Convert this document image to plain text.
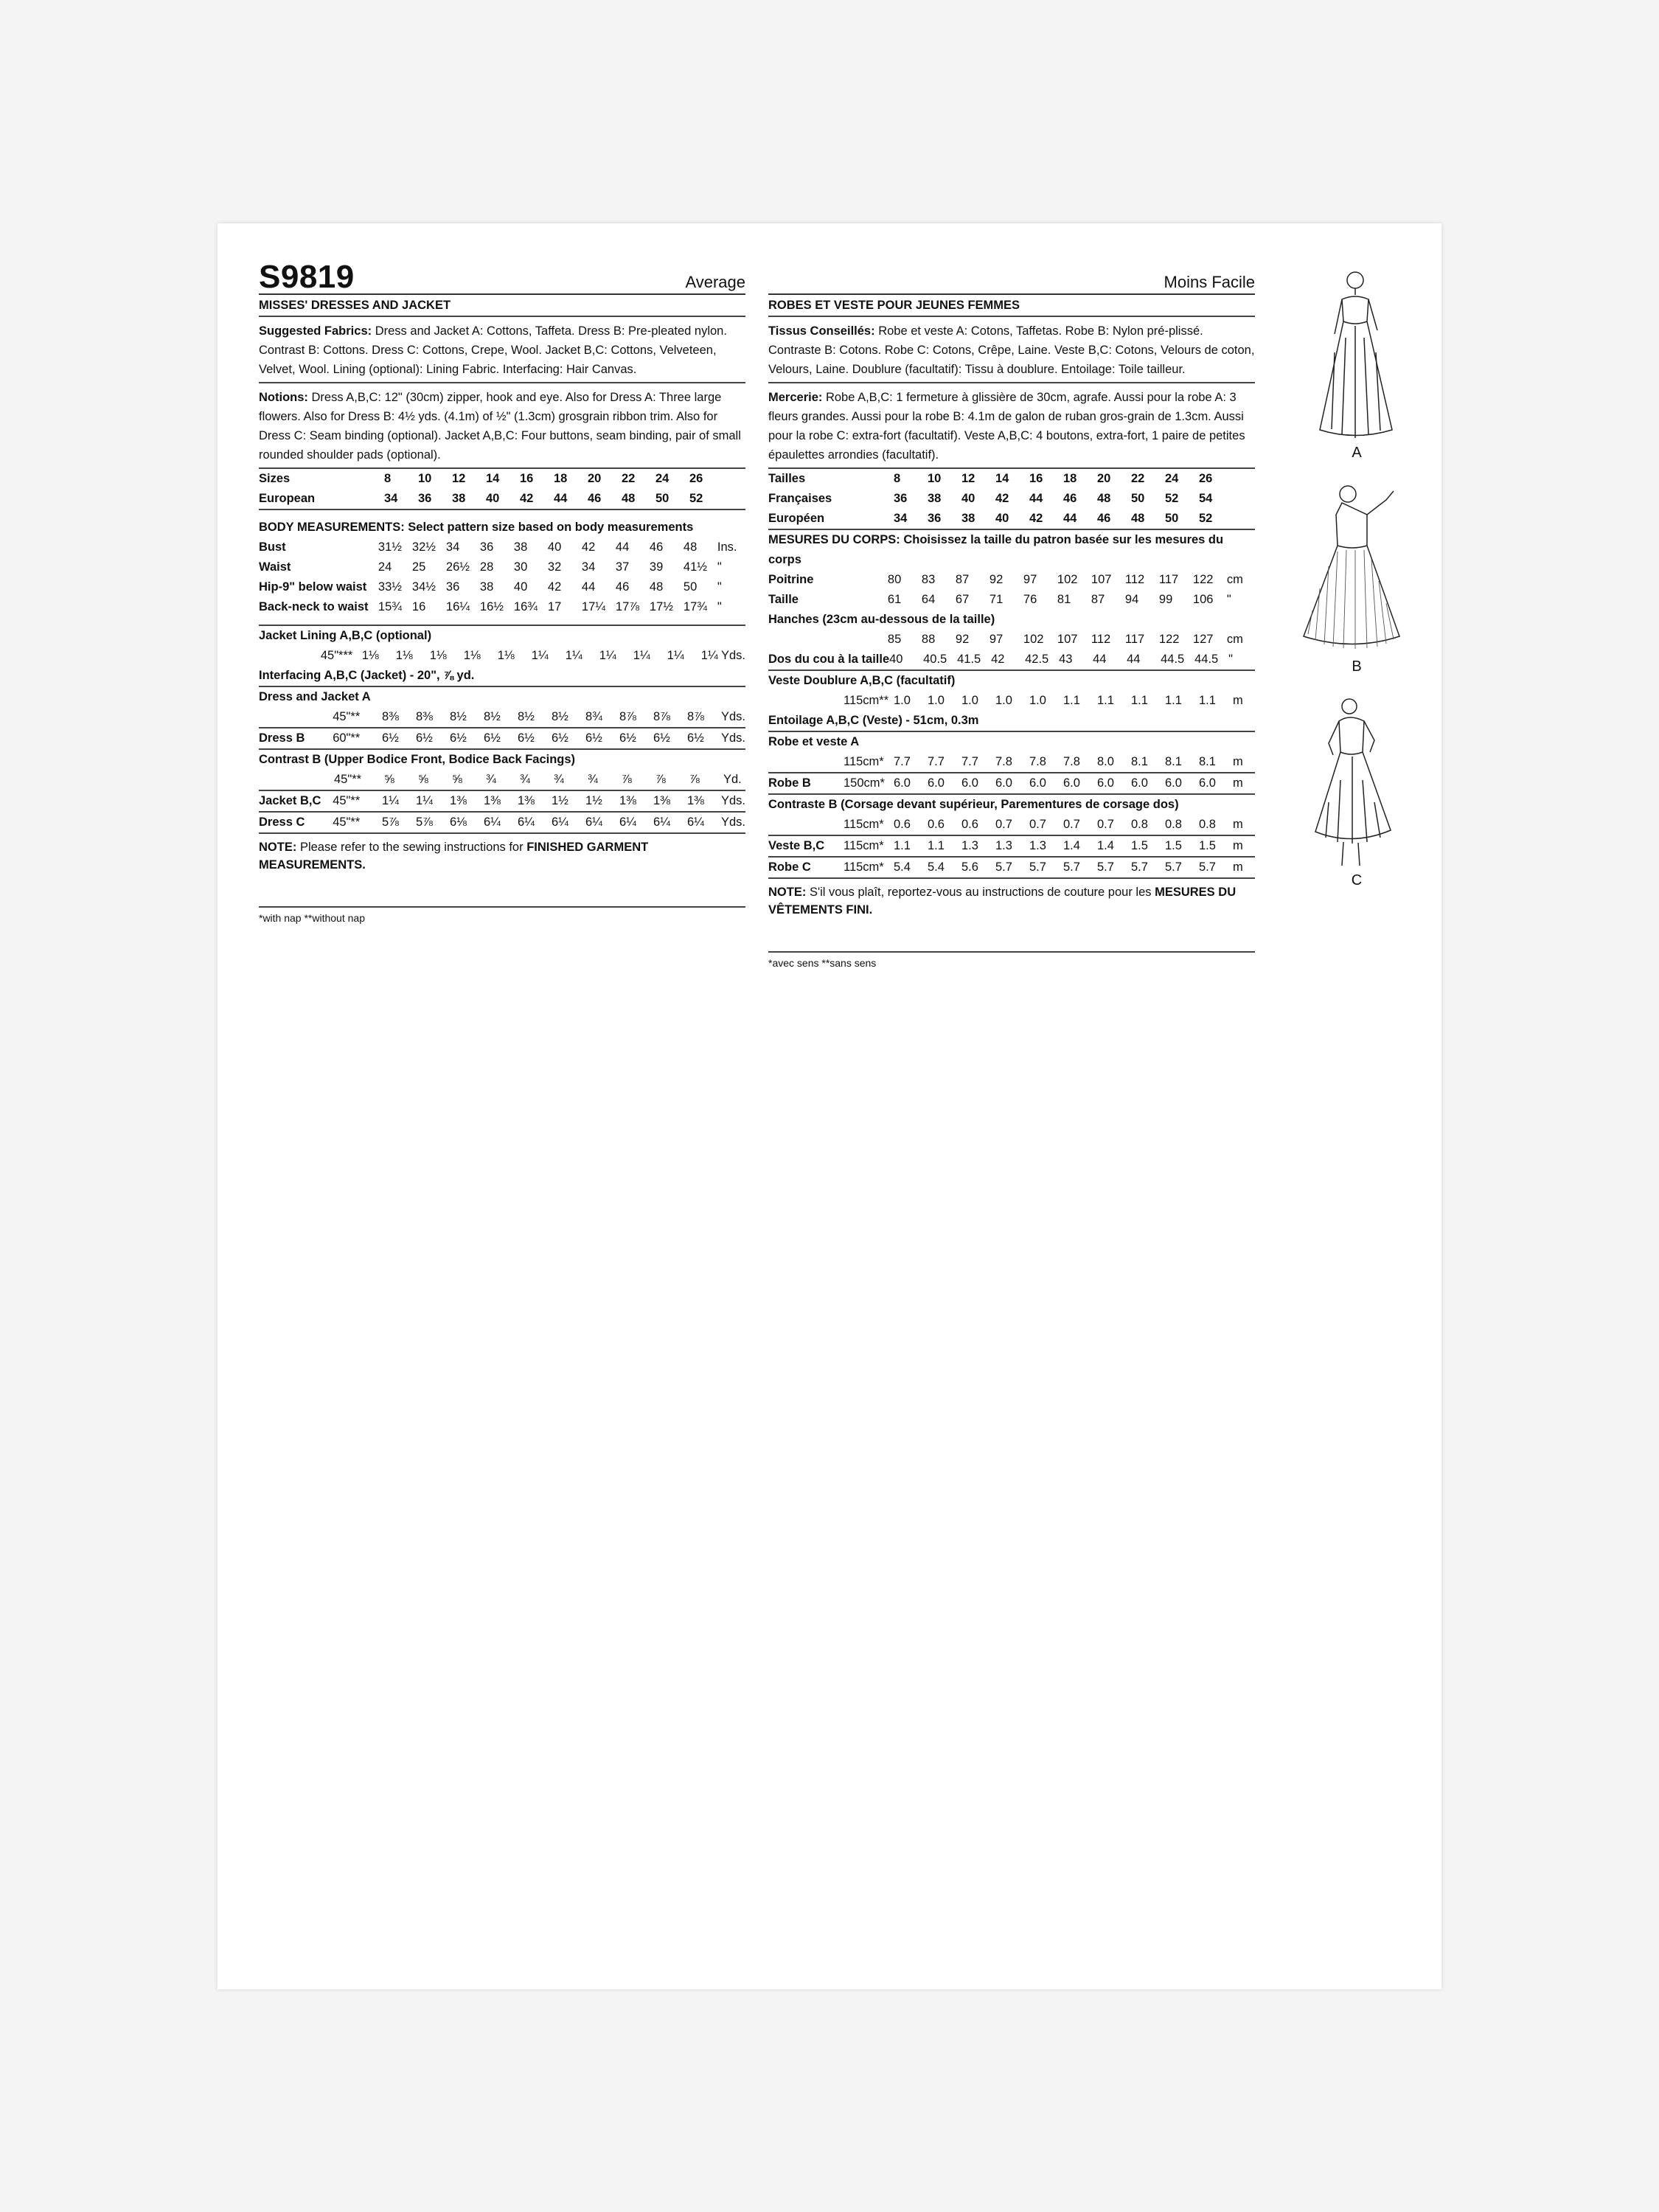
S9819	Average
MISSES' DRESSES AND JACKET
Suggested Fabrics: Dress and Jacket A: Cottons, Taffeta. Dress B: Pre-pleated nylon. Contrast B: Cottons. Dress C: Cottons, Crepe, Wool. Jacket B,C: Cottons, Velveteen, Velvet, Wool. Lining (optional): Lining Fabric. Interfacing: Hair Canvas.
Notions: Dress A,B,C: 12" (30cm) zipper, hook and eye. Also for Dress A: Three large flowers. Also for Dress B: 4½ yds. (4.1m) of ½" (1.3cm) grosgrain ribbon trim. Also for Dress C: Seam binding (optional). Jacket A,B,C: Four buttons, seam binding, pair of small rounded shoulder pads (optional).
Sizes	8	10	12	14	16	18	20	22	24	26
European	34	36	38	40	42	44	46	48	50	52
BODY MEASUREMENTS: Select pattern size based on body measurements
Bust	31½ 32½ 34	36	38	40	42	44	46	48	Ins.
Waist	24	25	26½ 28	30	32	34	37	39	41½ "
Hip-9" below waist 33½ 34½ 36	38	40	42	44	46	48	50	"
Back-neck to waist 15¾ 16	16¼ 16½ 16¾ 17	17¼ 17⅞ 17½ 17¾ "
Jacket Lining A,B,C (optional)
45"*** 1⅛	1⅛	1⅛	1⅛	1⅛	1¼	1¼	1¼	1¼	1¼	1¼ Yds.
Interfacing A,B,C (Jacket) - 20", ⅞ yd.
Dress and Jacket A
45"**	8⅜	8⅜	8½	8½	8½	8½	8¾	8⅞	8⅞	8⅞	Yds.
Dress B	60"**	6½	6½	6½	6½	6½	6½	6½	6½	6½	6½	Yds.
Contrast B (Upper Bodice Front, Bodice Back Facings)
45"**	⅝	⅝	⅝	¾	¾	¾	¾	⅞	⅞	⅞	Yd.
Jacket B,C 45"**	1¼	1¼	1⅜	1⅜	1⅜	1½	1½	1⅜	1⅜	1⅜	Yds.
Dress C	45"**	5⅞	5⅞	6⅛	6¼	6¼	6¼	6¼	6¼	6¼	6¼	Yds.
NOTE: Please refer to the sewing instructions for FINISHED GARMENT MEASUREMENTS.
*with nap **without nap
Moins Facile
ROBES ET VESTE POUR JEUNES FEMMES
Tissus Conseillés: Robe et veste A: Cotons, Taffetas. Robe B: Nylon pré-plissé. Contraste B: Cotons. Robe C: Cotons, Crêpe, Laine. Veste B,C: Cotons, Velours de coton, Velours, Laine. Doublure (facultatif): Tissu à doublure. Entoilage: Toile tailleur.
Mercerie: Robe A,B,C: 1 fermeture à glissière de 30cm, agrafe. Aussi pour la robe A: 3 fleurs grandes. Aussi pour la robe B: 4.1m de galon de ruban gros-grain de 1.3cm. Aussi pour la robe C: extra-fort (facultatif). Veste A,B,C: 4 boutons, extra-fort, 1 paire de petites épaulettes arrondies (facultatif).
Tailles	8	10	12	14	16	18	20	22	24	26
Françaises	36	38	40	42	44	46	48	50	52	54
Européen	34	36	38	40	42	44	46	48	50	52
MESURES DU CORPS: Choisissez la taille du patron basée sur les mesures du corps
Poitrine	80	83	87	92	97	102	107	112	117	122	cm
Taille	61	64	67	71	76	81	87	94	99	106	"
Hanches (23cm au-dessous de la taille)
85	88	92	97	102	107	112	117	122	127	cm
Dos du cou à la taille 40	40.5 41.5 42	42.5 43	44	44	44.5 44.5 "
Veste Doublure A,B,C (facultatif)
115cm** 1.0	1.0	1.0	1.0	1.0	1.1	1.1	1.1	1.1	1.1	m
Entoilage A,B,C (Veste) - 51cm, 0.3m
Robe et veste A
115cm* 7.7	7.7	7.7	7.8	7.8	7.8	8.0	8.1	8.1	8.1	m
Robe B	150cm* 6.0	6.0	6.0	6.0	6.0	6.0	6.0	6.0	6.0	6.0	m
Contraste B (Corsage devant supérieur, Parementures de corsage dos)
115cm* 0.6	0.6	0.6	0.7	0.7	0.7	0.7	0.8	0.8	0.8	m
Veste B,C	115cm* 1.1	1.1	1.3	1.3	1.3	1.4	1.4	1.5	1.5	1.5	m
Robe C	115cm* 5.4	5.4	5.6	5.7	5.7	5.7	5.7	5.7	5.7	5.7	m
NOTE: S'il vous plaît, reportez-vous au instructions de couture pour les MESURES DU VÊTEMENTS FINI.
*avec sens **sans sens
A
B
C
